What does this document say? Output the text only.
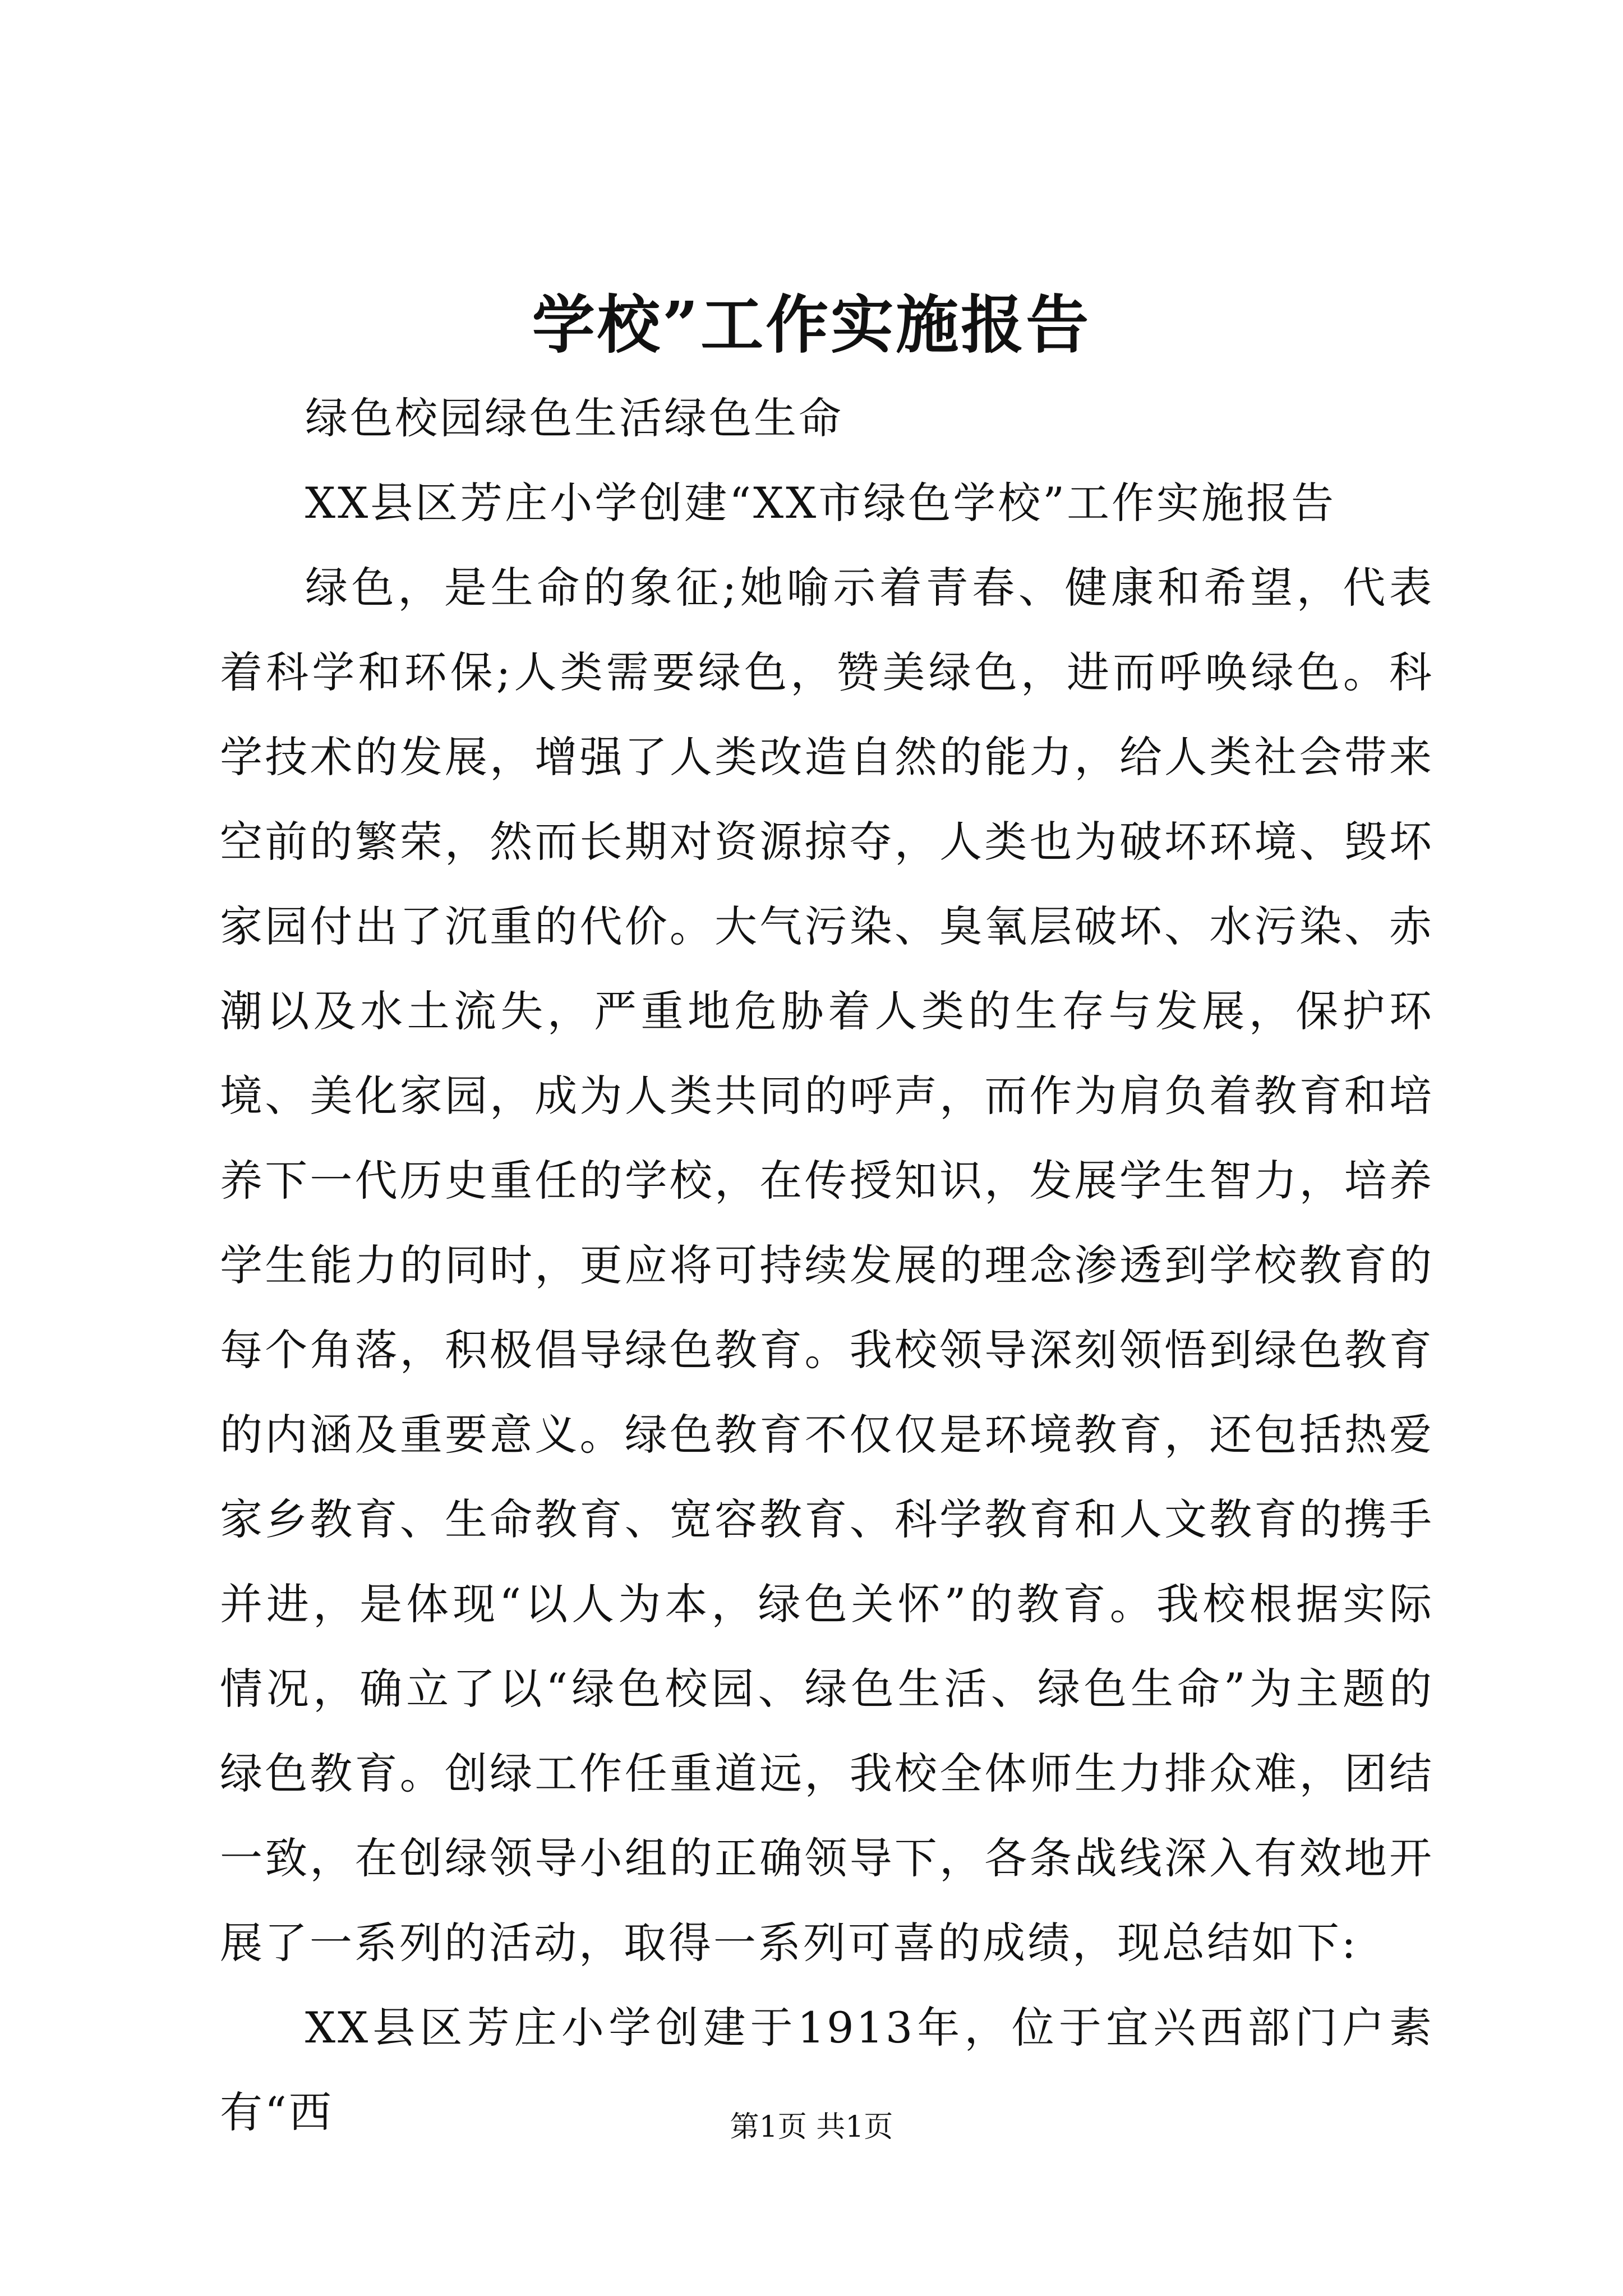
学校”工作实施报告

绿色校园绿色生活绿色生命

XX县区芳庄小学创建“XX市绿色学校”工作实施报告

绿色，是生命的象征;她喻示着青春、健康和希望，代表着科学和环保;人类需要绿色，赞美绿色，进而呼唤绿色。科学技术的发展，增强了人类改造自然的能力，给人类社会带来空前的繁荣，然而长期对资源掠夺，人类也为破坏环境、毁坏家园付出了沉重的代价。大气污染、臭氧层破坏、水污染、赤潮以及水土流失，严重地危胁着人类的生存与发展，保护环境、美化家园，成为人类共同的呼声，而作为肩负着教育和培养下一代历史重任的学校，在传授知识，发展学生智力，培养学生能力的同时，更应将可持续发展的理念渗透到学校教育的每个角落，积极倡导绿色教育。我校领导深刻领悟到绿色教育的内涵及重要意义。绿色教育不仅仅是环境教育，还包括热爱家乡教育、生命教育、宽容教育、科学教育和人文教育的携手并进，是体现“以人为本，绿色关怀”的教育。我校根据实际情况，确立了以“绿色校园、绿色生活、绿色生命”为主题的绿色教育。创绿工作任重道远，我校全体师生力排众难，团结一致，在创绿领导小组的正确领导下，各条战线深入有效地开展了一系列的活动，取得一系列可喜的成绩，现总结如下:

XX县区芳庄小学创建于1913年，位于宜兴西部门户素有“西	第1页 共1页
